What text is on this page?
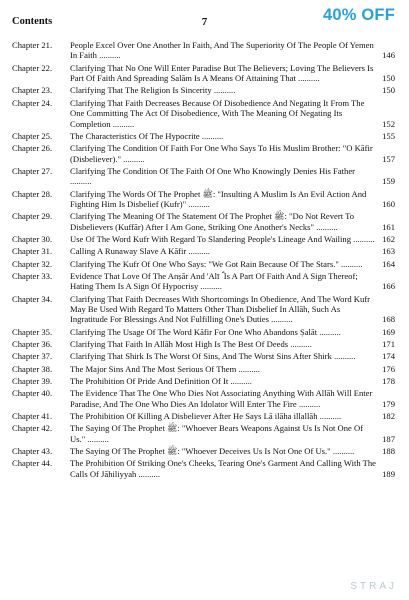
Contents	7	40% OFF
Chapter 21.	People Excel Over One Another In Faith, And The Superiority Of The People Of Yemen In Faith ..........	146
Chapter 22.	Clarifying That No One Will Enter Paradise But The Believers; Loving The Believers Is Part Of Faith And Spreading Salām Is A Means Of Attaining That ..........	150
Chapter 23.	Clarifying That The Religion Is Sincerity ..........	150
Chapter 24.	Clarifying That Faith Decreases Because Of Disobedience And Negating It From The One Committing The Act Of Disobedience, With The Meaning Of Negating Its Completion ..........	152
Chapter 25.	The Characteristics Of The Hypocrite ..........	155
Chapter 26.	Clarifying The Condition Of Faith For One Who Says To His Muslim Brother: "O Kāfir (Disbeliever)." ..........	157
Chapter 27.	Clarifying The Condition Of The Faith Of One Who Knowingly Denies His Father ..........	159
Chapter 28.	Clarifying The Words Of The Prophet ﷺ: "Insulting A Muslim Is An Evil Action And Fighting Him Is Disbelief (Kufr)" ..........	160
Chapter 29.	Clarifying The Meaning Of The Statement Of The Prophet ﷺ: "Do Not Revert To Disbelievers (Kuffār) After I Am Gone, Striking One Another's Necks" ..........	161
Chapter 30.	Use Of The Word Kufr With Regard To Slandering People's Lineage And Wailing .......... 162
Chapter 31.	Calling A Runaway Slave A Kāfir ..........	163
Chapter 32.	Clarifying The Kufr Of One Who Says: "We Got Rain Because Of The Stars." ..........	164
Chapter 33.	Evidence That Love Of The Anṣār And 'Alī ؓ Is A Part Of Faith And A Sign Thereof; Hating Them Is A Sign Of Hypocrisy ..........	166
Chapter 34.	Clarifying That Faith Decreases With Shortcomings In Obedience, And The Word Kufr May Be Used With Regard To Matters Other Than Disbelief In Allāh, Such As Ingratitude For Blessings And Not Fulfilling One's Duties ..........	168
Chapter 35.	Clarifying The Usage Of The Word Kāfir For One Who Abandons Ṣalāt ..........	169
Chapter 36.	Clarifying That Faith In Allāh Most High Is The Best Of Deeds ..........	171
Chapter 37.	Clarifying That Shirk Is The Worst Of Sins, And The Worst Sins After Shirk ..........	174
Chapter 38.	The Major Sins And The Most Serious Of Them ..........	176
Chapter 39.	The Prohibition Of Pride And Definition Of It ..........	178
Chapter 40.	The Evidence That The One Who Dies Not Associating Anything With Allāh Will Enter Paradise, And The One Who Dies An Idolator Will Enter The Fire ..........	179
Chapter 41.	The Prohibition Of Killing A Disbeliever After He Says Lā ilāha illallāh ..........	182
Chapter 42.	The Saying Of The Prophet ﷺ: "Whoever Bears Weapons Against Us Is Not One Of Us." ..........	187
Chapter 43.	The Saying Of The Prophet ﷺ: "Whoever Deceives Us Is Not One Of Us." ..........	188
Chapter 44.	The Prohibition Of Striking One's Cheeks, Tearing One's Garment And Calling With The Calls Of Jāhiliyyah ..........	189
STRAJ
